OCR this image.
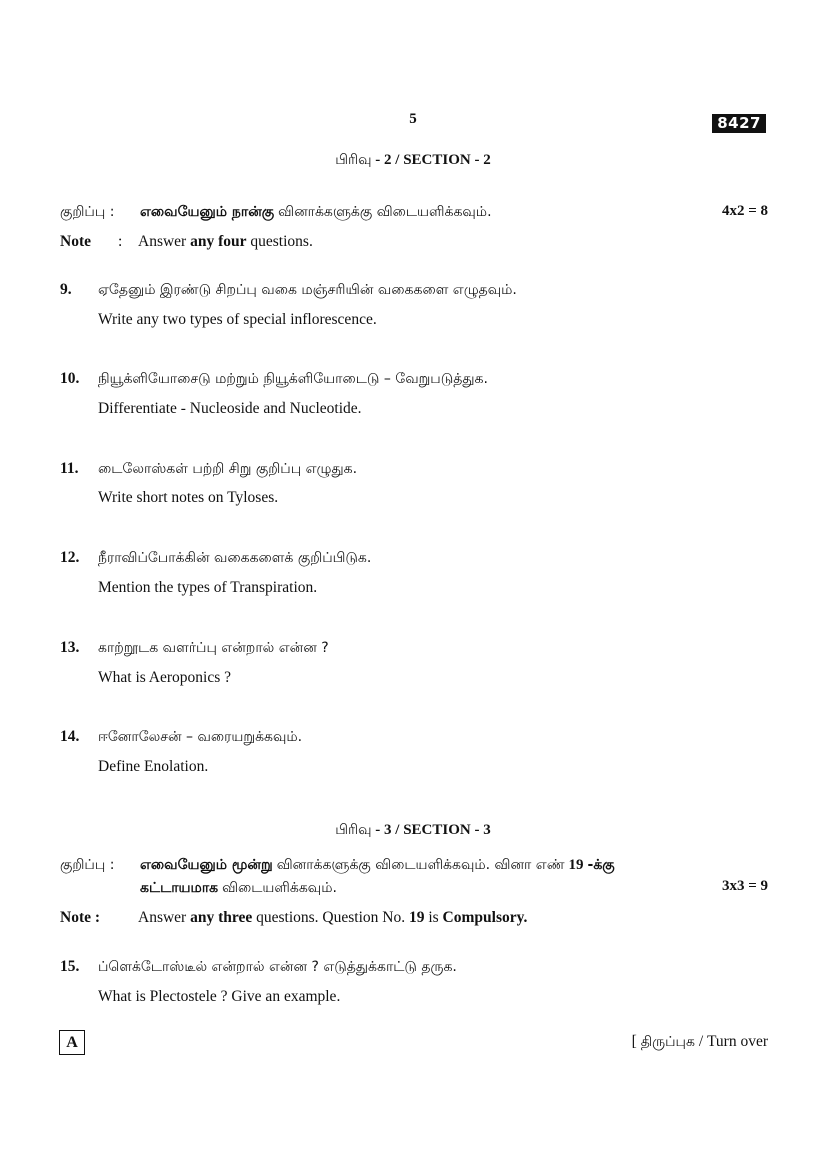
5	8427
பிரிவு - 2 / SECTION - 2
குறிப்பு : எவையேனும் நான்கு வினாக்களுக்கு விடையளிக்கவும்.	4x2 = 8
Note : Answer any four questions.
9. ஏதேனும் இரண்டு சிறப்பு வகை மஞ்சரியின் வகைகளை எழுதவும்.
Write any two types of special inflorescence.
10. நியூக்ளியோசைடு மற்றும் நியூக்ளியோடைடு – வேறுபடுத்துக.
Differentiate - Nucleoside and Nucleotide.
11. டைலோஸ்கள் பற்றி சிறு குறிப்பு எழுதுக.
Write short notes on Tyloses.
12. நீராவிப்போக்கின் வகைகளைக் குறிப்பிடுக.
Mention the types of Transpiration.
13. காற்றூடக வளர்ப்பு என்றால் என்ன ?
What is Aeroponics ?
14. ஈனோலேசன் – வரையறுக்கவும்.
Define Enolation.
பிரிவு - 3 / SECTION - 3
குறிப்பு : எவையேனும் மூன்று வினாக்களுக்கு விடையளிக்கவும். வினா எண் 19 -க்கு
கட்டாயமாக விடையளிக்கவும்.	3x3 = 9
Note : Answer any three questions. Question No. 19 is Compulsory.
15. ப்ளெக்டோஸ்டீல் என்றால் என்ன ? எடுத்துக்காட்டு தருக.
What is Plectostele ? Give an example.
A	[ திருப்புக / Turn over
